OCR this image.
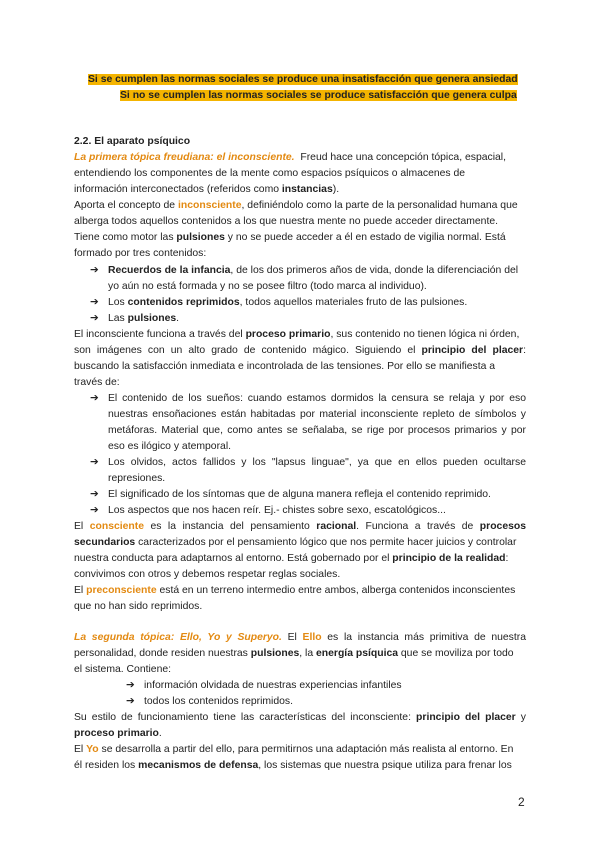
Si se cumplen las normas sociales se produce una insatisfacción que genera ansiedad
Si no se cumplen las normas sociales se produce satisfacción que genera culpa
2.2. El aparato psíquico
La primera tópica freudiana: el inconsciente. Freud hace una concepción tópica, espacial,
entendiendo los componentes de la mente como espacios psíquicos o almacenes de
información interconectados (referidos como instancias).
Aporta el concepto de inconsciente, definiéndolo como la parte de la personalidad humana que
alberga todos aquellos contenidos a los que nuestra mente no puede acceder directamente.
Tiene como motor las pulsiones y no se puede acceder a él en estado de vigilia normal. Está
formado por tres contenidos:
➔ Recuerdos de la infancia, de los dos primeros años de vida, donde la diferenciación del
yo aún no está formada y no se posee filtro (todo marca al individuo).
➔ Los contenidos reprimidos, todos aquellos materiales fruto de las pulsiones.
➔ Las pulsiones.
El inconsciente funciona a través del proceso primario, sus contenido no tienen lógica ni órden,
son imágenes con un alto grado de contenido mágico. Siguiendo el principio del placer:
buscando la satisfacción inmediata e incontrolada de las tensiones. Por ello se manifiesta a
través de:
➔ El contenido de los sueños: cuando estamos dormidos la censura se relaja y por eso
nuestras ensoñaciones están habitadas por material inconsciente repleto de símbolos y
metáforas. Material que, como antes se señalaba, se rige por procesos primarios y por
eso es ilógico y atemporal.
➔ Los olvidos, actos fallidos y los "lapsus linguae", ya que en ellos pueden ocultarse
represiones.
➔ El significado de los síntomas que de alguna manera refleja el contenido reprimido.
➔ Los aspectos que nos hacen reír. Ej.- chistes sobre sexo, escatológicos...
El consciente es la instancia del pensamiento racional. Funciona a través de procesos
secundarios caracterizados por el pensamiento lógico que nos permite hacer juicios y controlar
nuestra conducta para adaptarnos al entorno. Está gobernado por el principio de la realidad:
convivimos con otros y debemos respetar reglas sociales.
El preconsciente está en un terreno intermedio entre ambos, alberga contenidos inconscientes
que no han sido reprimidos.
La segunda tópica: Ello, Yo y Superyo. El Ello es la instancia más primitiva de nuestra
personalidad, donde residen nuestras pulsiones, la energía psíquica que se moviliza por todo
el sistema. Contiene:
➔ información olvidada de nuestras experiencias infantiles
➔ todos los contenidos reprimidos.
Su estilo de funcionamiento tiene las características del inconsciente: principio del placer y
proceso primario.
El Yo se desarrolla a partir del ello, para permitirnos una adaptación más realista al entorno. En
él residen los mecanismos de defensa, los sistemas que nuestra psique utiliza para frenar los
2
